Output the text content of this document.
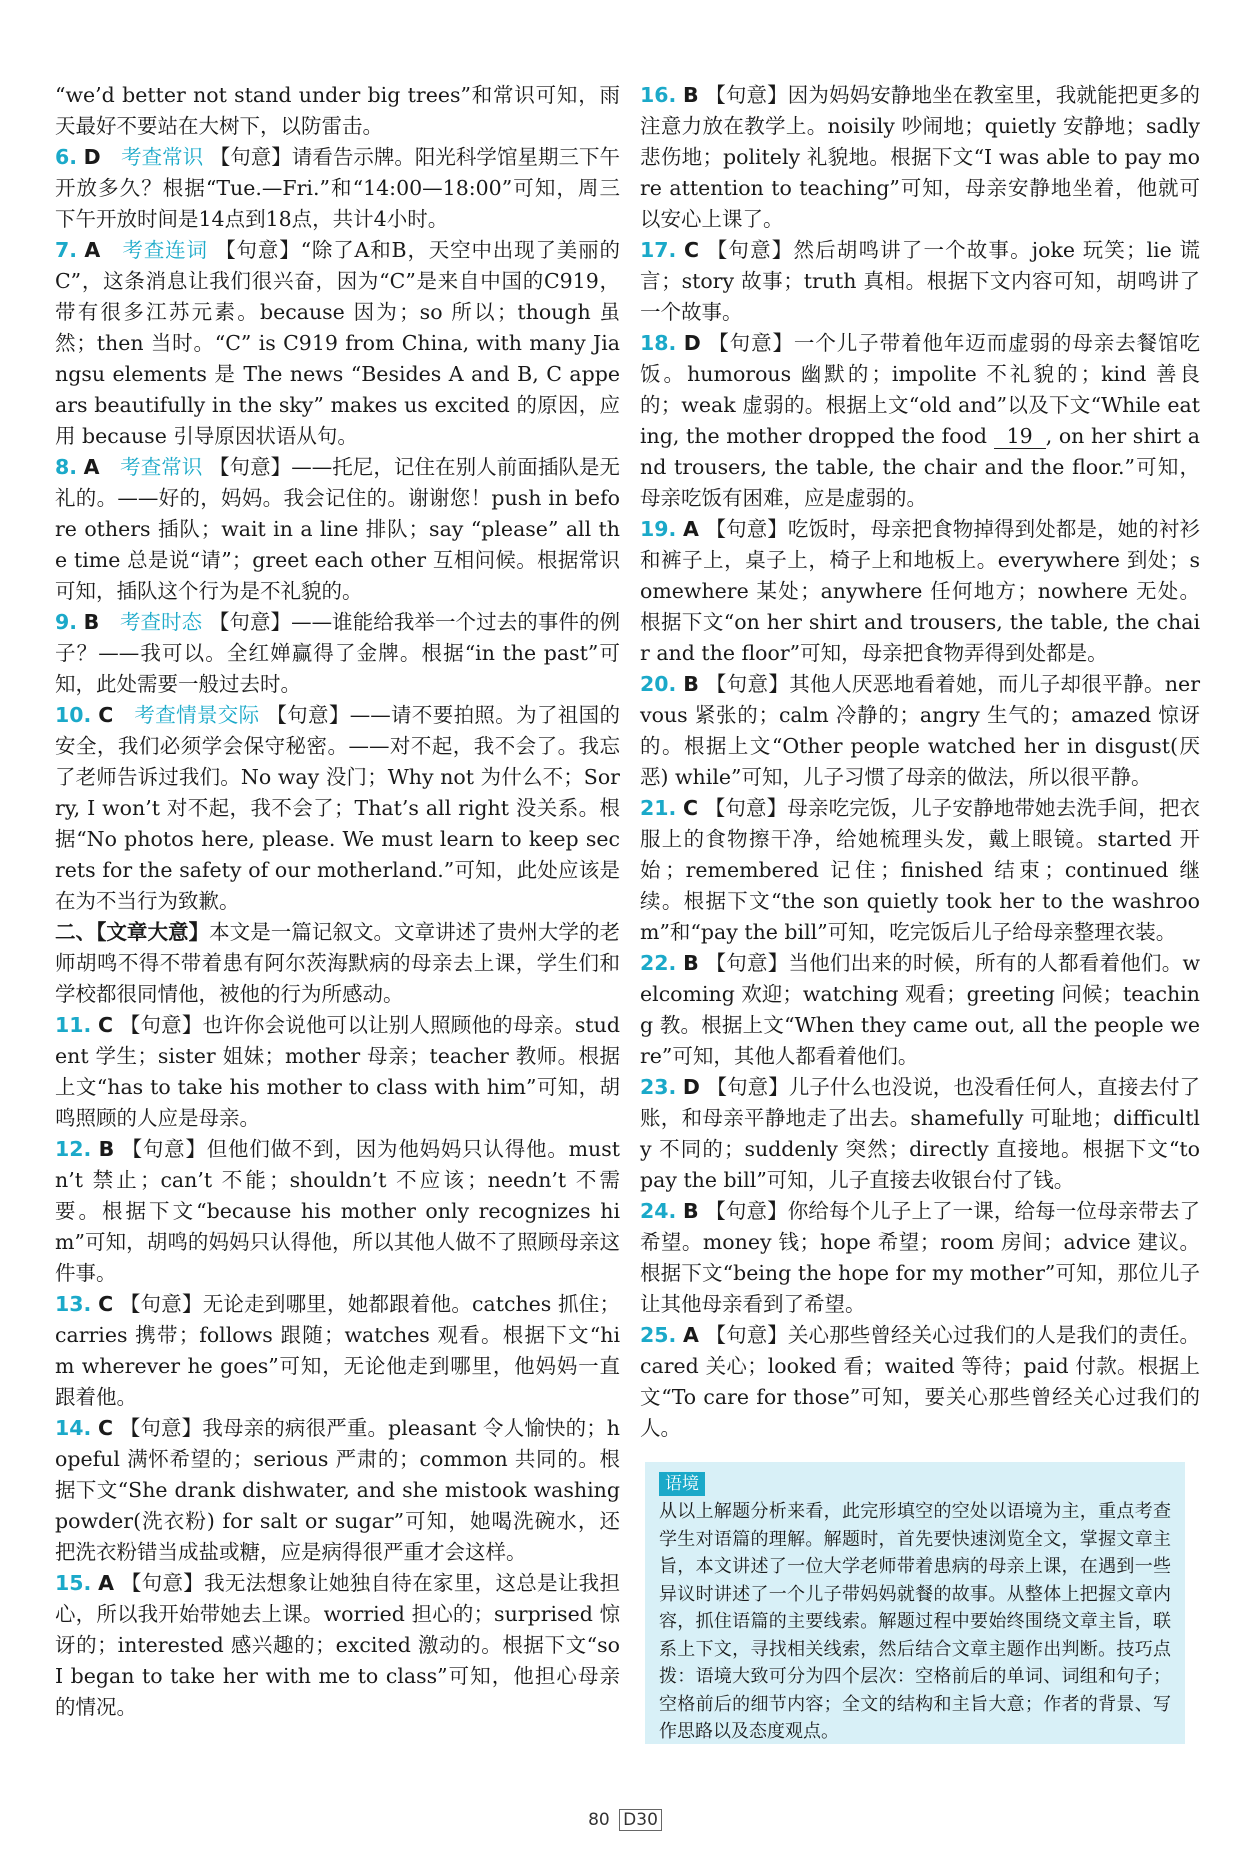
“we’d better not stand under big trees”和常识可知，雨天最好不要站在大树下，以防雷击。

6. D　 考查常识 【句意】请看告示牌。阳光科学馆星期三下午开放多久？根据“Tue.—Fri.”和“14:00—18:00”可知，周三下午开放时间是14点到18点，共计4小时。

7. A　 考查连词 【句意】“除了A和B，天空中出现了美丽的C”，这条消息让我们很兴奋，因为“C”是来自中国的C919，带有很多江苏元素。because 因为；so 所以；though 虽然；then 当时。“C” is C919 from China, with many Jiangsu elements 是 The news “Besides A and B, C appears beautifully in the sky” makes us excited 的原因，应用 because 引导原因状语从句。

8. A　 考查常识 【句意】——托尼，记住在别人前面插队是无礼的。——好的，妈妈。我会记住的。谢谢您！push in before others 插队；wait in a line 排队；say “please” all the time 总是说“请”；greet each other 互相问候。根据常识可知，插队这个行为是不礼貌的。

9. B　 考查时态 【句意】——谁能给我举一个过去的事件的例子？——我可以。全红婵赢得了金牌。根据“in the past”可知，此处需要一般过去时。

10. C　 考查情景交际 【句意】——请不要拍照。为了祖国的安全，我们必须学会保守秘密。——对不起，我不会了。我忘了老师告诉过我们。No way 没门；Why not 为什么不；Sorry, I won’t 对不起，我不会了；That’s all right 没关系。根据“No photos here, please. We must learn to keep secrets for the safety of our motherland.”可知，此处应该是在为不当行为致歉。

二、【文章大意】本文是一篇记叙文。文章讲述了贵州大学的老师胡鸣不得不带着患有阿尔茨海默病的母亲去上课，学生们和学校都很同情他，被他的行为所感动。

11. C 【句意】也许你会说他可以让别人照顾他的母亲。student 学生；sister 姐妹；mother 母亲；teacher 教师。根据上文“has to take his mother to class with him”可知，胡鸣照顾的人应是母亲。

12. B 【句意】但他们做不到，因为他妈妈只认得他。mustn’t 禁止；can’t 不能；shouldn’t 不应该；needn’t 不需要。根据下文“because his mother only recognizes him”可知，胡鸣的妈妈只认得他，所以其他人做不了照顾母亲这件事。

13. C 【句意】无论走到哪里，她都跟着他。catches 抓住；carries 携带；follows 跟随；watches 观看。根据下文“him wherever he goes”可知，无论他走到哪里，他妈妈一直跟着他。

14. C 【句意】我母亲的病很严重。pleasant 令人愉快的；hopeful 满怀希望的；serious 严肃的；common 共同的。根据下文“She drank dishwater, and she mistook washing powder(洗衣粉) for salt or sugar”可知，她喝洗碗水，还把洗衣粉错当成盐或糖，应是病得很严重才会这样。

15. A 【句意】我无法想象让她独自待在家里，这总是让我担心，所以我开始带她去上课。worried 担心的；surprised 惊讶的；interested 感兴趣的；excited 激动的。根据下文“so I began to take her with me to class”可知，他担心母亲的情况。

16. B 【句意】因为妈妈安静地坐在教室里，我就能把更多的注意力放在教学上。noisily 吵闹地；quietly 安静地；sadly 悲伤地；politely 礼貌地。根据下文“I was able to pay more attention to teaching”可知，母亲安静地坐着，他就可以安心上课了。

17. C 【句意】然后胡鸣讲了一个故事。joke 玩笑；lie 谎言；story 故事；truth 真相。根据下文内容可知，胡鸣讲了一个故事。

18. D 【句意】一个儿子带着他年迈而虚弱的母亲去餐馆吃饭。humorous 幽默的；impolite 不礼貌的；kind 善良的；weak 虚弱的。根据上文“old and”以及下文“While eating, the mother dropped the food 19 , on her shirt and trousers, the table, the chair and the floor.”可知，母亲吃饭有困难，应是虚弱的。

19. A 【句意】吃饭时，母亲把食物掉得到处都是，她的衬衫和裤子上，桌子上，椅子上和地板上。everywhere 到处；somewhere 某处；anywhere 任何地方；nowhere 无处。根据下文“on her shirt and trousers, the table, the chair and the floor”可知，母亲把食物弄得到处都是。

20. B 【句意】其他人厌恶地看着她，而儿子却很平静。nervous 紧张的；calm 冷静的；angry 生气的；amazed 惊讶的。根据上文“Other people watched her in disgust(厌恶) while”可知，儿子习惯了母亲的做法，所以很平静。

21. C 【句意】母亲吃完饭，儿子安静地带她去洗手间，把衣服上的食物擦干净，给她梳理头发，戴上眼镜。started 开始；remembered 记住；finished 结束；continued 继续。根据下文“the son quietly took her to the washroom”和“pay the bill”可知，吃完饭后儿子给母亲整理衣装。

22. B 【句意】当他们出来的时候，所有的人都看着他们。welcoming 欢迎；watching 观看；greeting 问候；teaching 教。根据上文“When they came out, all the people were”可知，其他人都看着他们。

23. D 【句意】儿子什么也没说，也没看任何人，直接去付了账，和母亲平静地走了出去。shamefully 可耻地；difficultly 不同的；suddenly 突然；directly 直接地。根据下文“to pay the bill”可知，儿子直接去收银台付了钱。

24. B 【句意】你给每个儿子上了一课，给每一位母亲带去了希望。money 钱；hope 希望；room 房间；advice 建议。根据下文“being the hope for my mother”可知，那位儿子让其他母亲看到了希望。

25. A 【句意】关心那些曾经关心过我们的人是我们的责任。cared 关心；looked 看；waited 等待；paid 付款。根据上文“To care for those”可知，要关心那些曾经关心过我们的人。

语境
从以上解题分析来看，此完形填空的空处以语境为主，重点考查学生对语篇的理解。解题时，首先要快速浏览全文，掌握文章主旨，本文讲述了一位大学老师带着患病的母亲上课，在遇到一些异议时讲述了一个儿子带妈妈就餐的故事。从整体上把握文章内容，抓住语篇的主要线索。解题过程中要始终围绕文章主旨，联系上下文，寻找相关线索，然后结合文章主题作出判断。技巧点拨：语境大致可分为四个层次：空格前后的单词、词组和句子；空格前后的细节内容；全文的结构和主旨大意；作者的背景、写作思路以及态度观点。
80 D30
